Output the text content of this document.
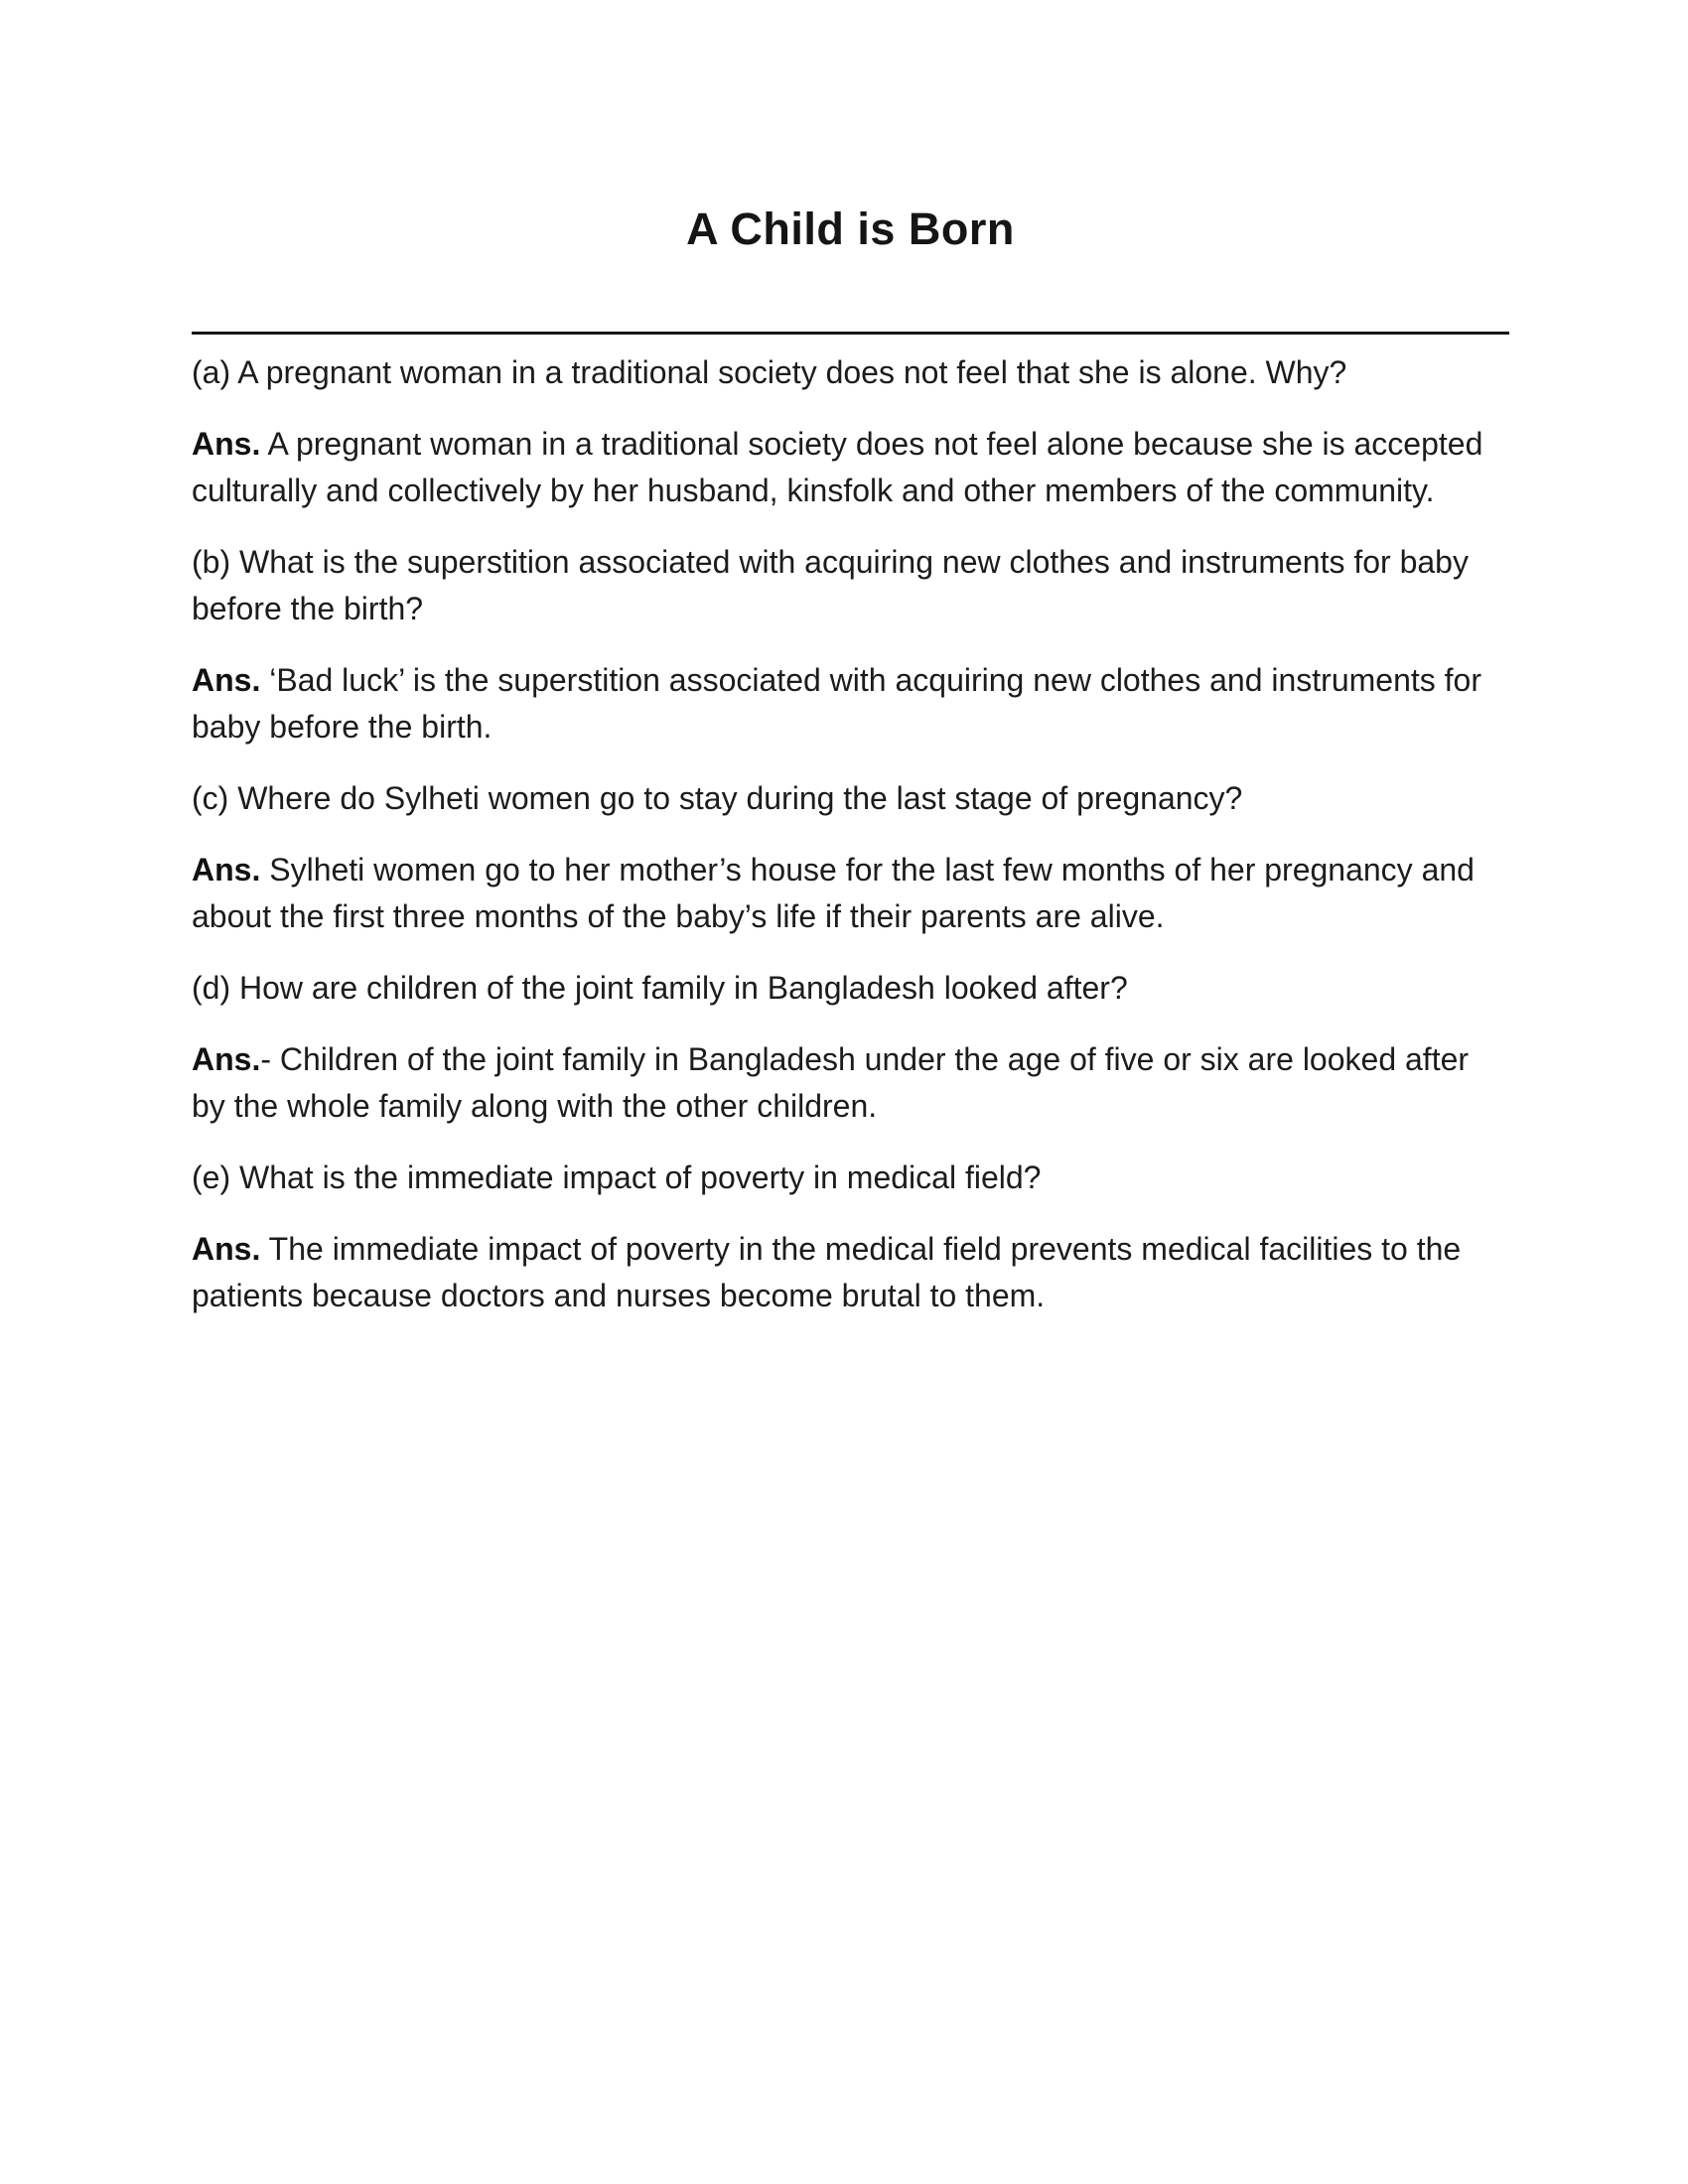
A Child is Born

(a) A pregnant woman in a traditional society does not feel that she is alone. Why?

Ans. A pregnant woman in a traditional society does not feel alone because she is accepted culturally and collectively by her husband, kinsfolk and other members of the community.

(b) What is the superstition associated with acquiring new clothes and instruments for baby before the birth?

Ans. ‘Bad luck’ is the superstition associated with acquiring new clothes and instruments for baby before the birth.

(c) Where do Sylheti women go to stay during the last stage of pregnancy?

Ans. Sylheti women go to her mother’s house for the last few months of her pregnancy and about the first three months of the baby’s life if their parents are alive.

(d) How are children of the joint family in Bangladesh looked after?

Ans.- Children of the joint family in Bangladesh under the age of five or six are looked after by the whole family along with the other children.

(e) What is the immediate impact of poverty in medical field?

Ans. The immediate impact of poverty in the medical field prevents medical facilities to the patients because doctors and nurses become brutal to them.
